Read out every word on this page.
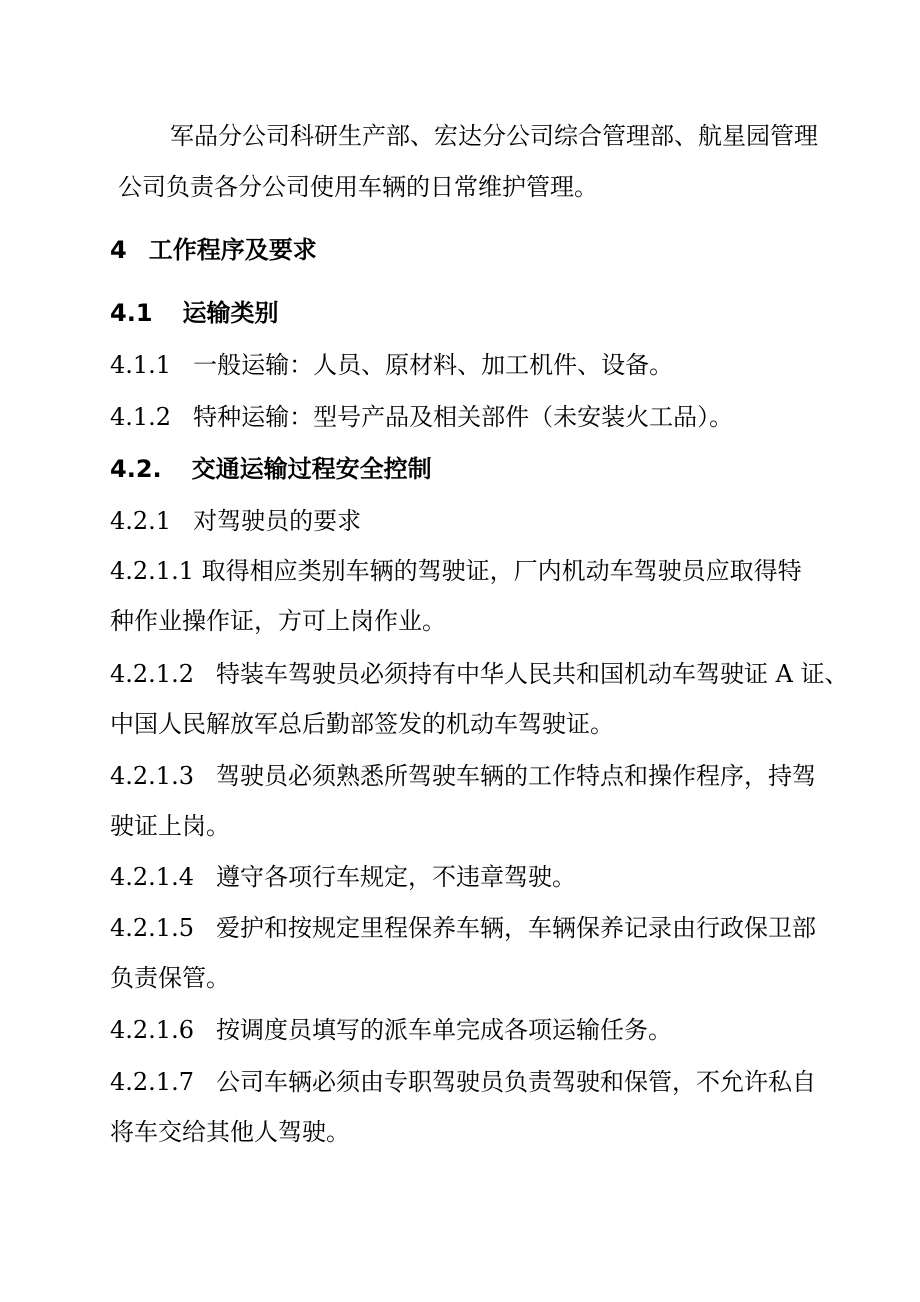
军品分公司科研生产部、宏达分公司综合管理部、航星园管理

公司负责各分公司使用车辆的日常维护管理。

4 工作程序及要求

4.1 运输类别

4.1.1 一般运输：人员、原材料、加工机件、设备。

4.1.2 特种运输：型号产品及相关部件（未安装火工品）。

4.2. 交通运输过程安全控制

4.2.1 对驾驶员的要求

4.2.1.1 取得相应类别车辆的驾驶证，厂内机动车驾驶员应取得特

种作业操作证，方可上岗作业。

4.2.1.2 特装车驾驶员必须持有中华人民共和国机动车驾驶证 A 证、

中国人民解放军总后勤部签发的机动车驾驶证。

4.2.1.3 驾驶员必须熟悉所驾驶车辆的工作特点和操作程序，持驾

驶证上岗。

4.2.1.4 遵守各项行车规定，不违章驾驶。

4.2.1.5 爱护和按规定里程保养车辆，车辆保养记录由行政保卫部

负责保管。

4.2.1.6 按调度员填写的派车单完成各项运输任务。

4.2.1.7 公司车辆必须由专职驾驶员负责驾驶和保管，不允许私自

将车交给其他人驾驶。
